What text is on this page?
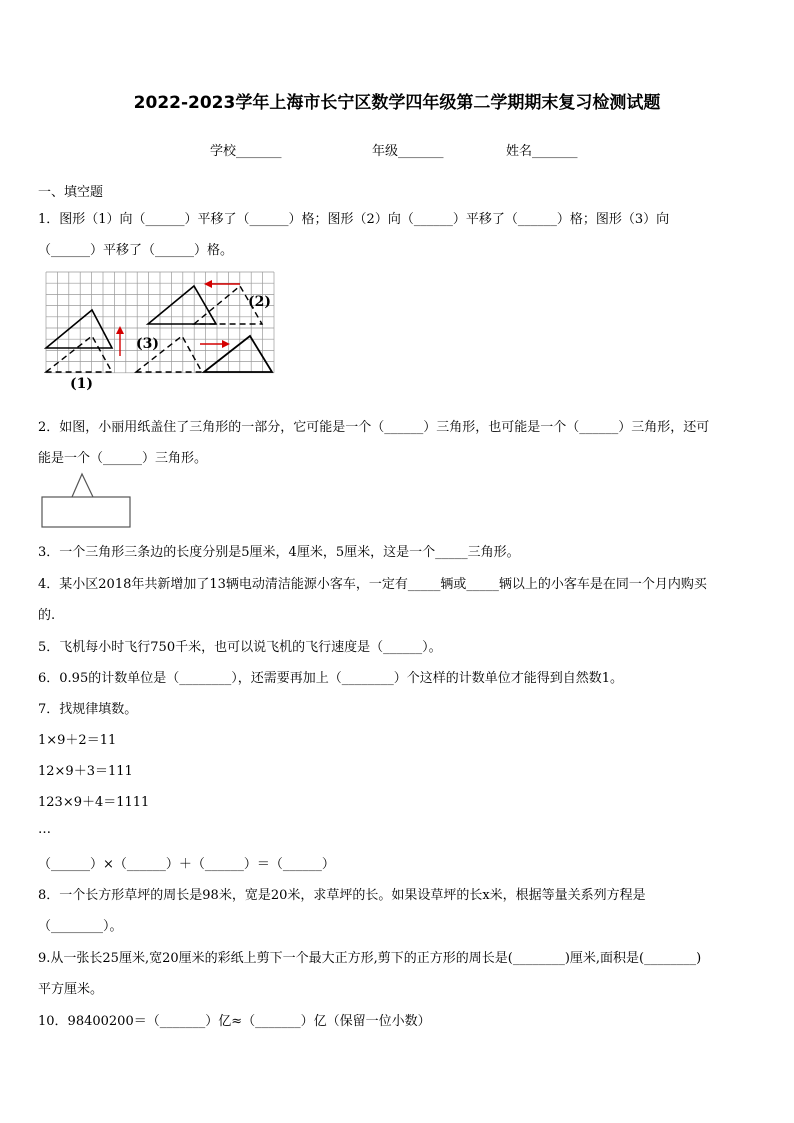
2022-2023学年上海市长宁区数学四年级第二学期期末复习检测试题
学校_______	年级_______	姓名_______
一、填空题
1．图形（1）向（______）平移了（______）格；图形（2）向（______）平移了（______）格；图形（3）向
（______）平移了（______）格。
(1)
(2)
(3)
2．如图，小丽用纸盖住了三角形的一部分，它可能是一个（______）三角形，也可能是一个（______）三角形，还可
能是一个（______）三角形。
3．一个三角形三条边的长度分别是5厘米，4厘米，5厘米，这是一个_____三角形。
4．某小区2018年共新增加了13辆电动清洁能源小客车，一定有_____辆或_____辆以上的小客车是在同一个月内购买
的.
5．飞机每小时飞行750千米，也可以说飞机的飞行速度是（______）。
6．0.95的计数单位是（________），还需要再加上（________）个这样的计数单位才能得到自然数1。
7．找规律填数。
1×9＋2＝11
12×9＋3＝111
123×9＋4＝1111
…
（______）×（______）＋（______）＝（______）
8．一个长方形草坪的周长是98米，宽是20米，求草坪的长。如果设草坪的长x米，根据等量关系列方程是
（________）。
9.从一张长25厘米,宽20厘米的彩纸上剪下一个最大正方形,剪下的正方形的周长是(________)厘米,面积是(________)
平方厘米。
10．98400200＝（_______）亿≈（_______）亿（保留一位小数）
